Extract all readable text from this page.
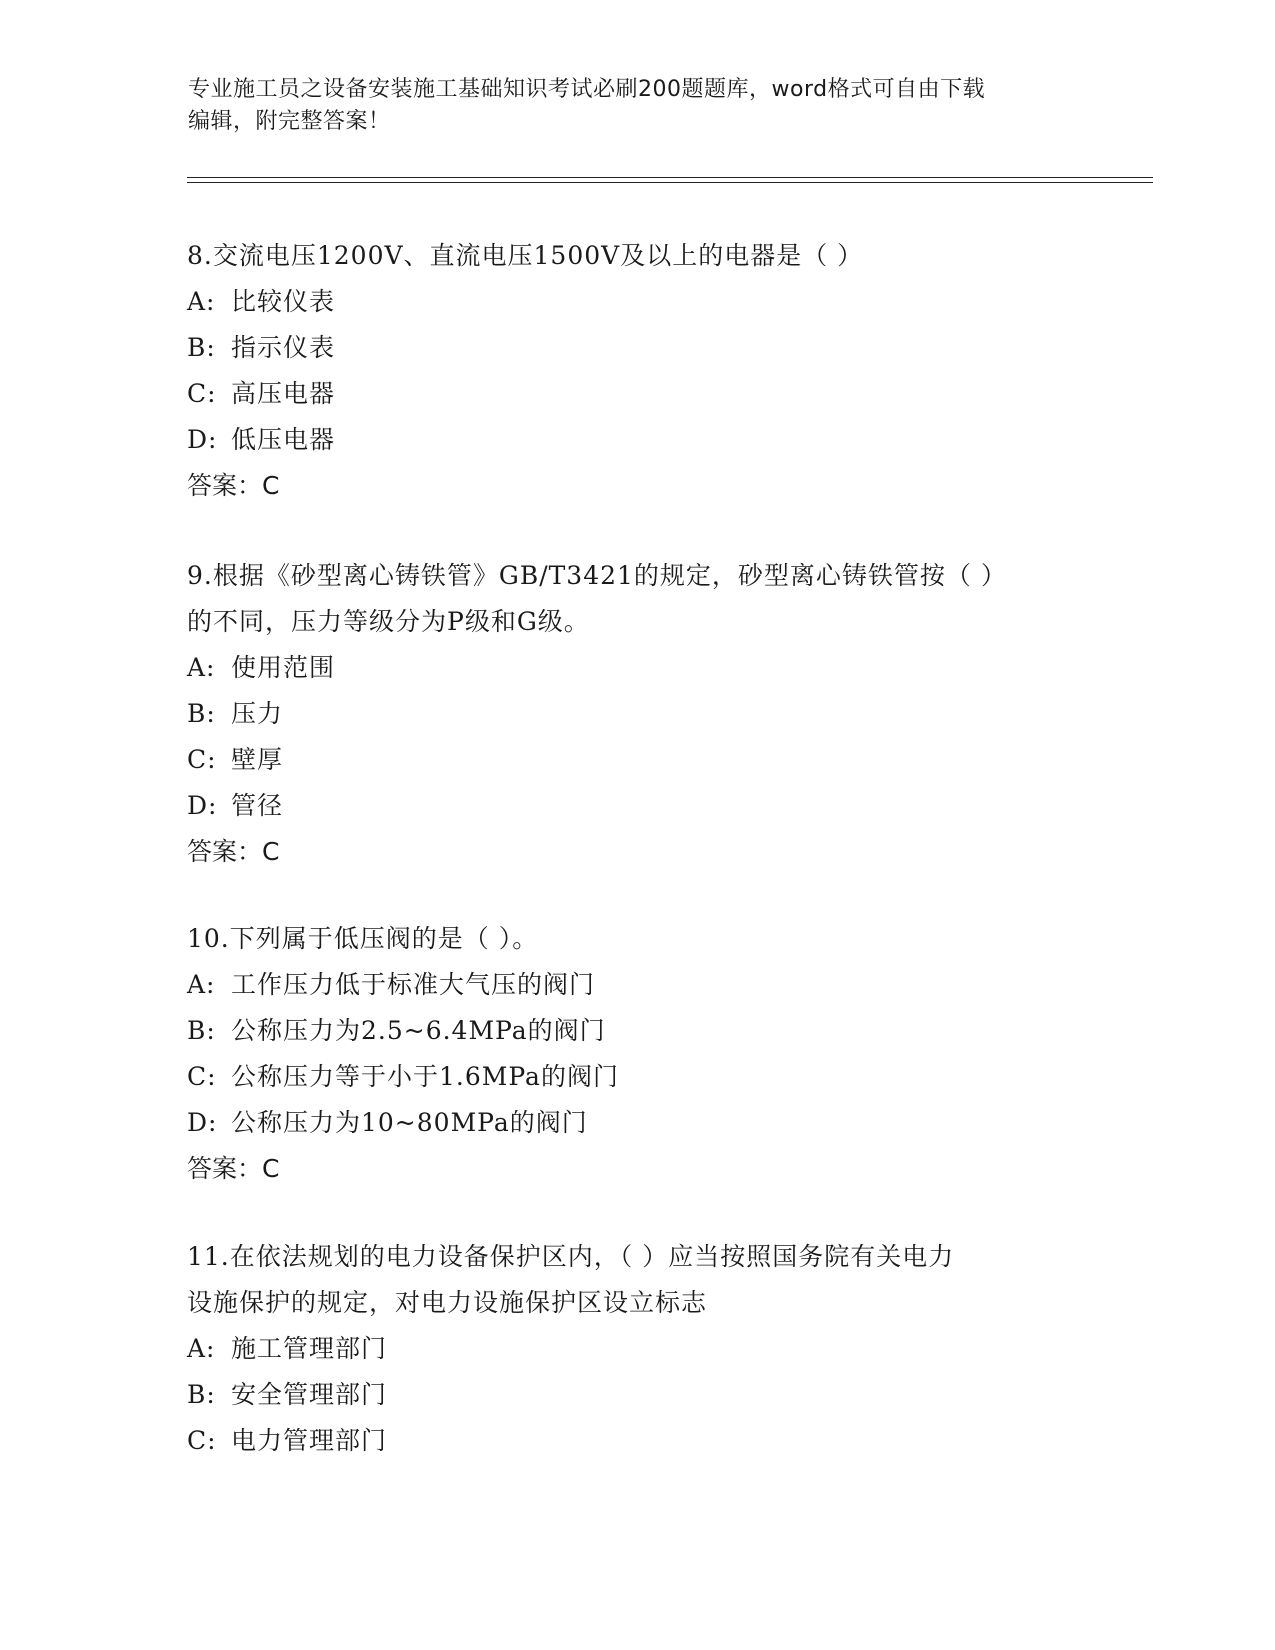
专业施工员之设备安装施工基础知识考试必刷200题题库，word格式可自由下载
编辑，附完整答案！

8.交流电压1200V、直流电压1500V及以上的电器是（ ）

A: 比较仪表

B: 指示仪表

C: 高压电器

D: 低压电器

答案：C

9.根据《砂型离心铸铁管》GB/T3421的规定，砂型离心铸铁管按（ ）

的不同，压力等级分为P级和G级。

A: 使用范围

B: 压力

C: 壁厚

D: 管径

答案：C

10.下列属于低压阀的是（ ）。

A: 工作压力低于标准大气压的阀门

B: 公称压力为2.5~6.4MPa的阀门

C: 公称压力等于小于1.6MPa的阀门

D: 公称压力为10~80MPa的阀门

答案：C

11.在依法规划的电力设备保护区内，（ ）应当按照国务院有关电力

设施保护的规定，对电力设施保护区设立标志

A: 施工管理部门

B: 安全管理部门

C: 电力管理部门
